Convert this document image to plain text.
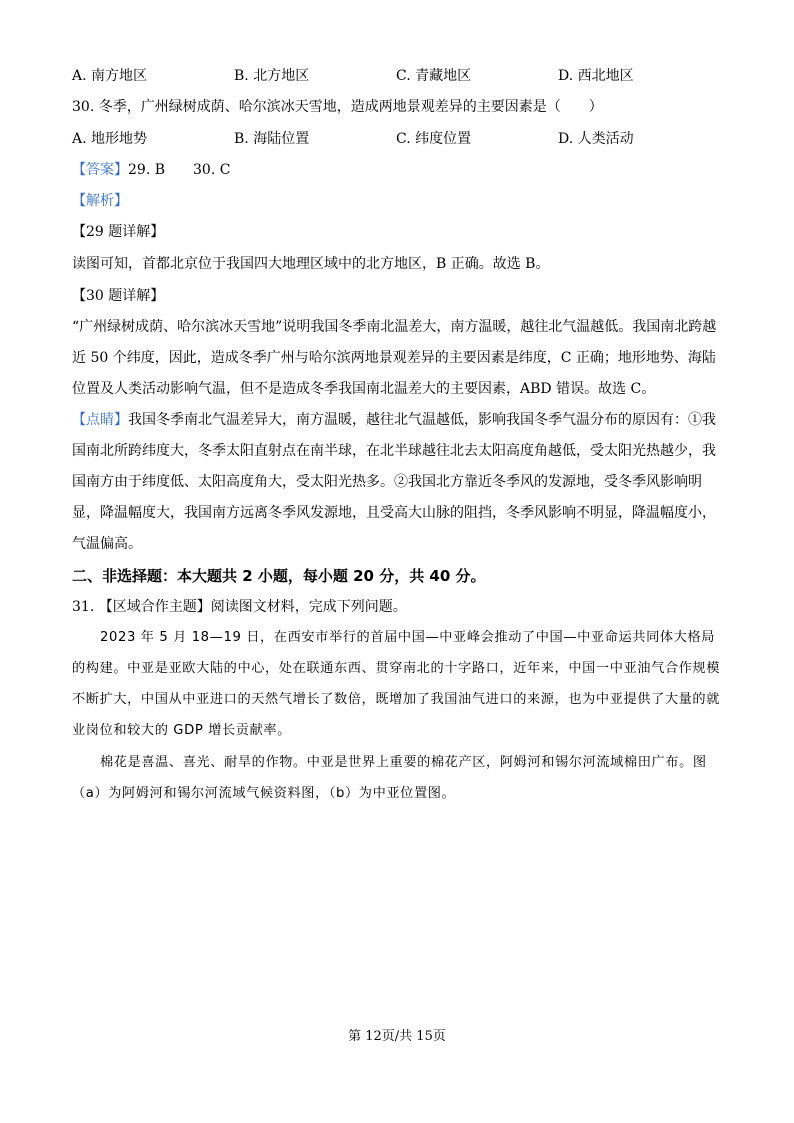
A. 南方地区	B. 北方地区	C. 青藏地区	D. 西北地区
30. 冬季，广州绿树成荫、哈尔滨冰天雪地，造成两地景观差异的主要因素是（　　）
A. 地形地势	B. 海陆位置	C. 纬度位置	D. 人类活动
【答案】29. B　　30. C
【解析】
【29 题详解】
读图可知，首都北京位于我国四大地理区域中的北方地区，B 正确。故选 B。
【30 题详解】
“广州绿树成荫、哈尔滨冰天雪地”说明我国冬季南北温差大，南方温暖，越往北气温越低。我国南北跨越近 50 个纬度，因此，造成冬季广州与哈尔滨两地景观差异的主要因素是纬度，C 正确；地形地势、海陆位置及人类活动影响气温，但不是造成冬季我国南北温差大的主要因素，ABD 错误。故选 C。
【点睛】我国冬季南北气温差异大，南方温暖，越往北气温越低，影响我国冬季气温分布的原因有：①我国南北所跨纬度大，冬季太阳直射点在南半球，在北半球越往北去太阳高度角越低，受太阳光热越少，我国南方由于纬度低、太阳高度角大，受太阳光热多。②我国北方靠近冬季风的发源地，受冬季风影响明显，降温幅度大，我国南方远离冬季风发源地，且受高大山脉的阻挡，冬季风影响不明显，降温幅度小，气温偏高。
二、非选择题：本大题共 2 小题，每小题 20 分，共 40 分。
31. 【区域合作主题】阅读图文材料，完成下列问题。
2023 年 5 月 18—19 日，在西安市举行的首届中国—中亚峰会推动了中国—中亚命运共同体大格局的构建。中亚是亚欧大陆的中心，处在联通东西、贯穿南北的十字路口，近年来，中国一中亚油气合作规模不断扩大，中国从中亚进口的天然气增长了数倍，既增加了我国油气进口的来源，也为中亚提供了大量的就业岗位和较大的 GDP 增长贡献率。
棉花是喜温、喜光、耐旱的作物。中亚是世界上重要的棉花产区，阿姆河和锡尔河流域棉田广布。图（a）为阿姆河和锡尔河流域气候资料图，（b）为中亚位置图。
第 12页/共 15页
